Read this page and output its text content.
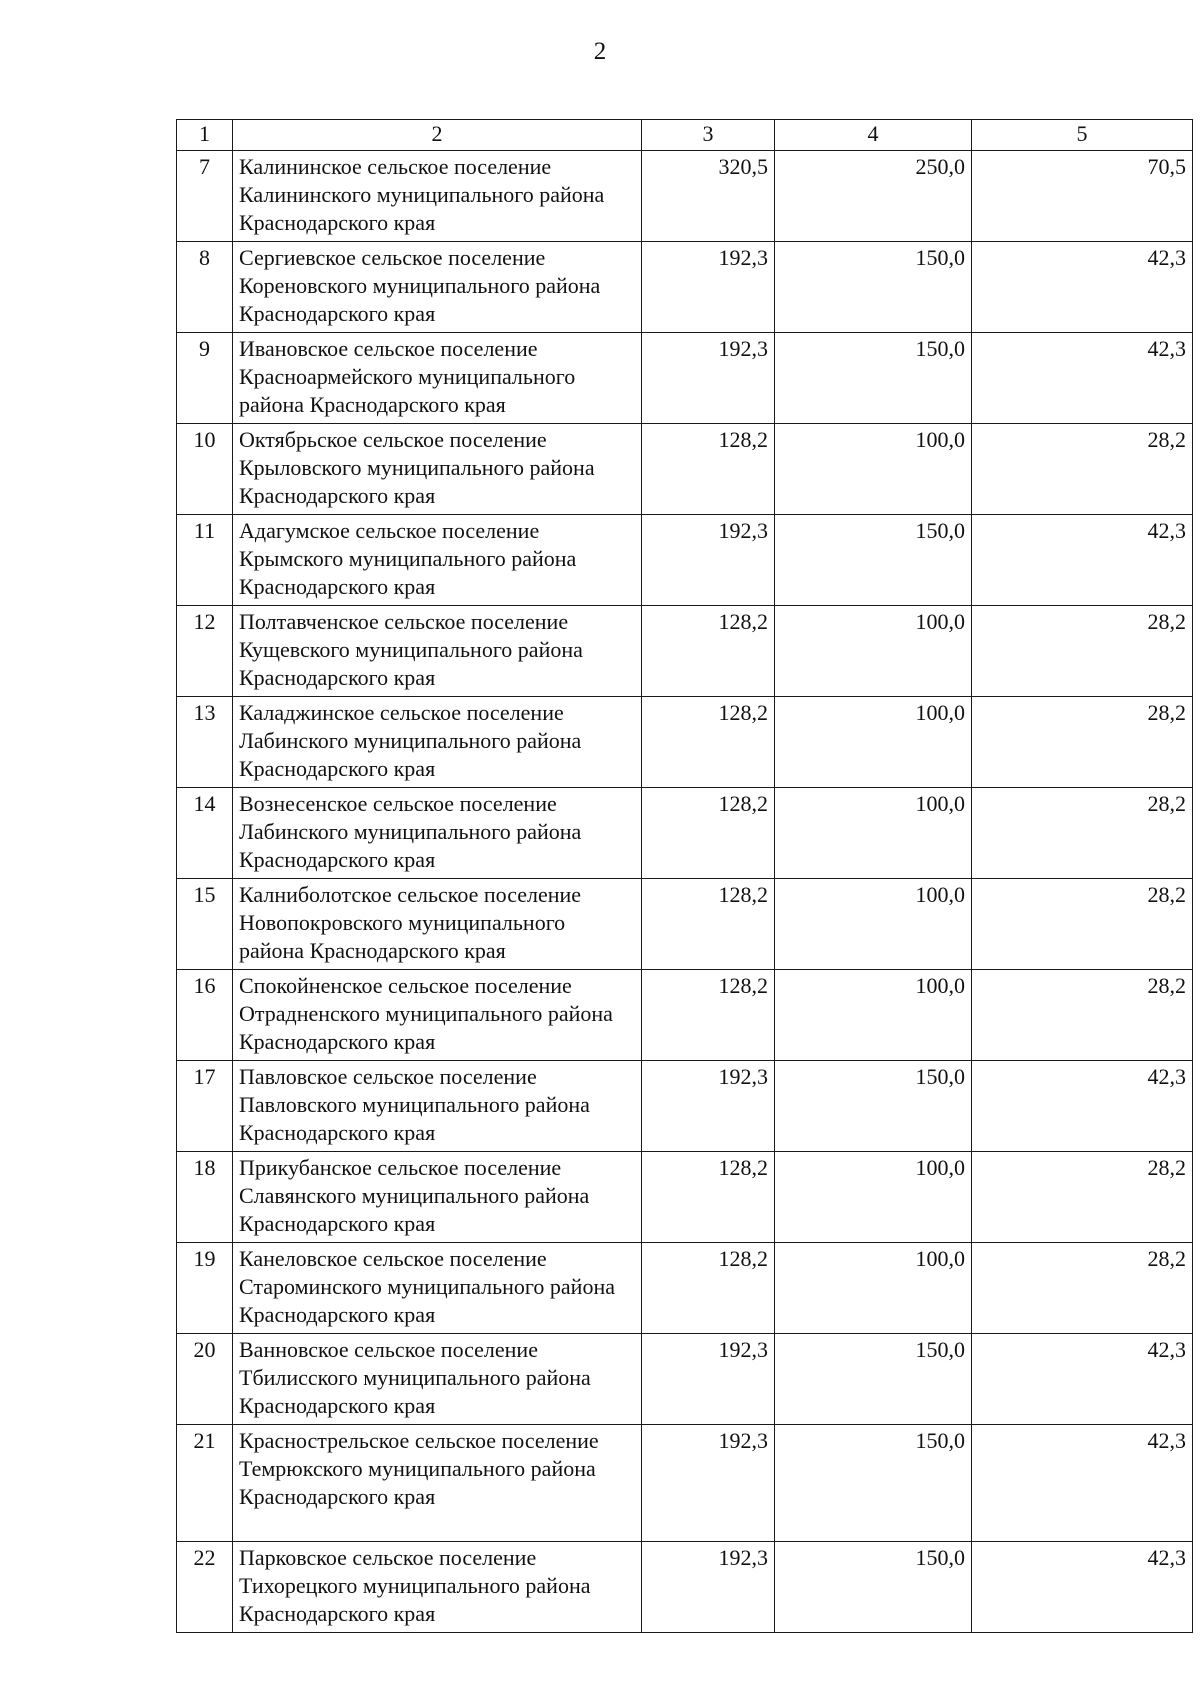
2
1	2	3	4	5
7	Калининское сельское поселение Калининского муниципального района Краснодарского края	320,5	250,0	70,5
8	Сергиевское сельское поселение Кореновского муниципального района Краснодарского края	192,3	150,0	42,3
9	Ивановское сельское поселение Красноармейского муниципального района Краснодарского края	192,3	150,0	42,3
10	Октябрьское сельское поселение Крыловского муниципального района Краснодарского края	128,2	100,0	28,2
11	Адагумское сельское поселение Крымского муниципального района Краснодарского края	192,3	150,0	42,3
12	Полтавченское сельское поселение Кущевского муниципального района Краснодарского края	128,2	100,0	28,2
13	Каладжинское сельское поселение Лабинского муниципального района Краснодарского края	128,2	100,0	28,2
14	Вознесенское сельское поселение Лабинского муниципального района Краснодарского края	128,2	100,0	28,2
15	Калниболотское сельское поселение Новопокровского муниципального района Краснодарского края	128,2	100,0	28,2
16	Спокойненское сельское поселение Отрадненского муниципального района Краснодарского края	128,2	100,0	28,2
17	Павловское сельское поселение Павловского муниципального района Краснодарского края	192,3	150,0	42,3
18	Прикубанское сельское поселение Славянского муниципального района Краснодарского края	128,2	100,0	28,2
19	Канеловское сельское поселение Староминского муниципального района Краснодарского края	128,2	100,0	28,2
20	Ванновское сельское поселение Тбилисского муниципального района Краснодарского края	192,3	150,0	42,3
21	Краснострельское сельское поселение Темрюкского муниципального района Краснодарского края	192,3	150,0	42,3
22	Парковское сельское поселение Тихорецкого муниципального района Краснодарского края	192,3	150,0	42,3
